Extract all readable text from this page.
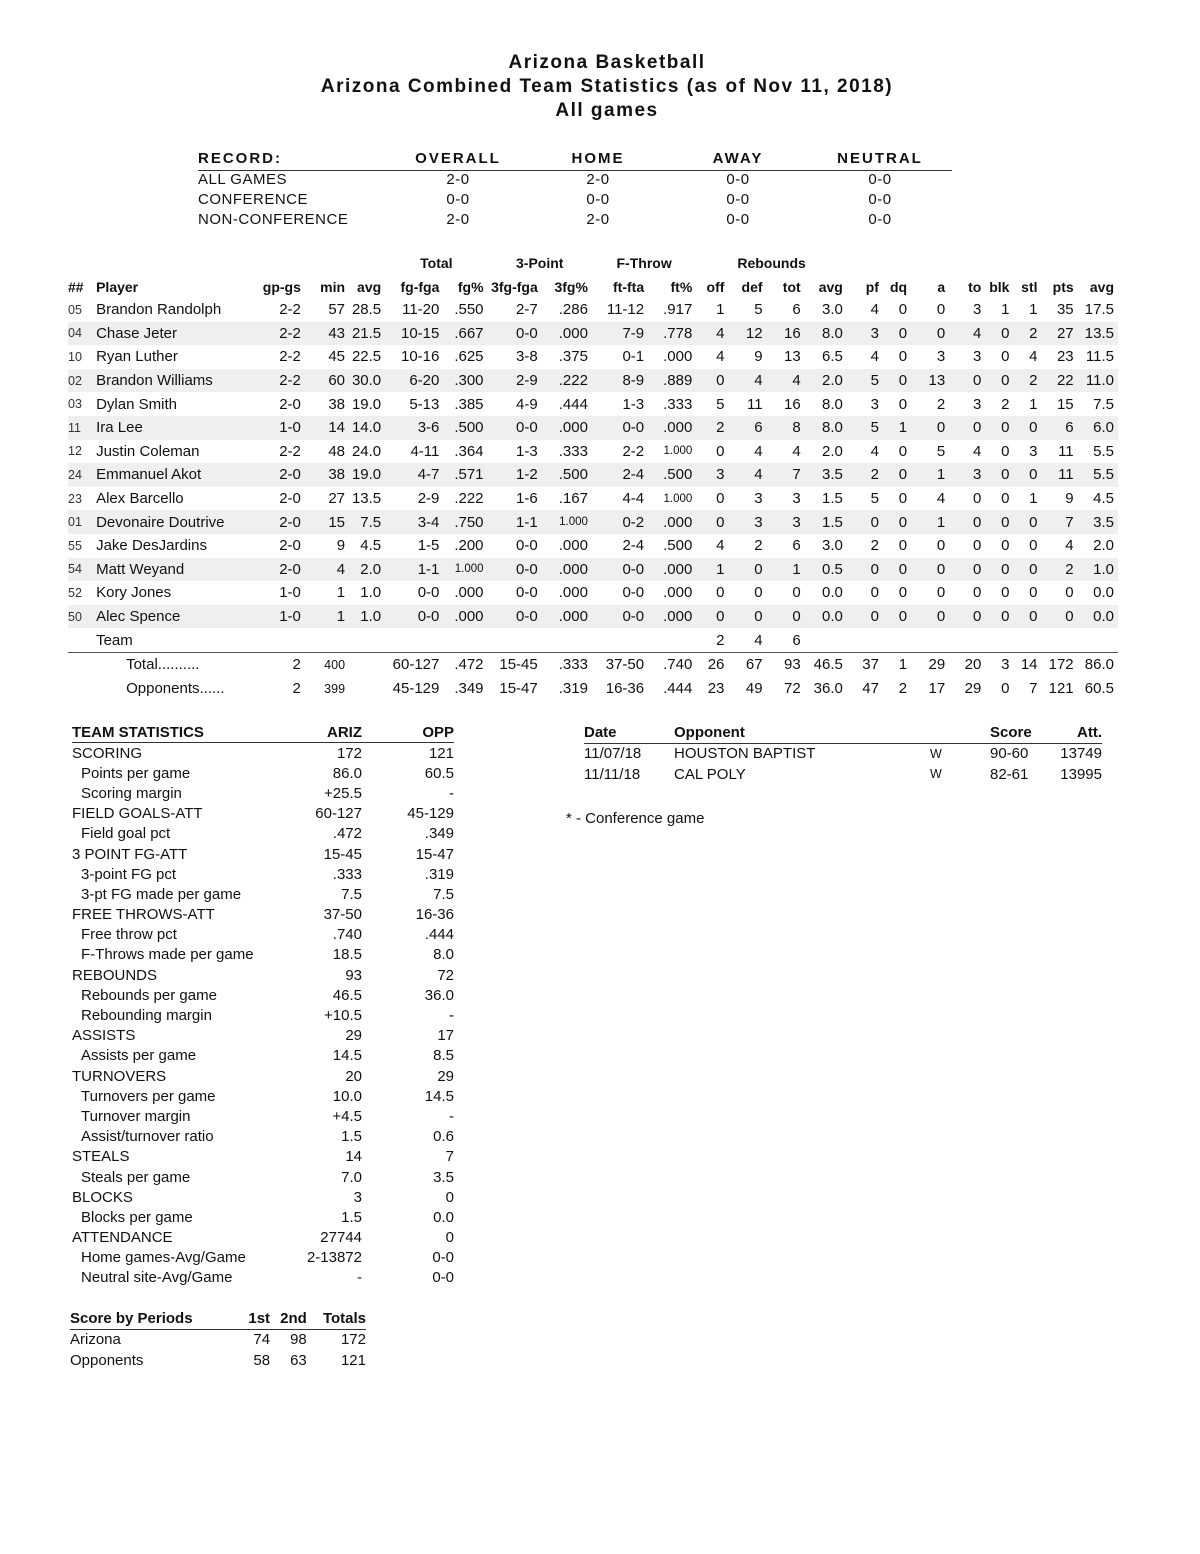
Arizona Basketball
Arizona Combined Team Statistics (as of Nov 11, 2018)
All games
RECORD:	OVERALL	HOME	AWAY	NEUTRAL
ALL GAMES	2-0	2-0	0-0	0-0
CONFERENCE	0-0	0-0	0-0	0-0
NON-CONFERENCE	2-0	2-0	0-0	0-0
					Total		3-Point		F-Throw		Rebounds											
##	Player	gp-gs	min	avg	fg-fga	fg%	3fg-fga	3fg%	ft-fta	ft%	off	def	tot	avg	pf	dq	a	to	blk	stl	pts	avg
05	Brandon Randolph	2-2	57	28.5	11-20	.550	2-7	.286	11-12	.917	1	5	6	3.0	4	0	0	3	1	1	35	17.5
04	Chase Jeter	2-2	43	21.5	10-15	.667	0-0	.000	7-9	.778	4	12	16	8.0	3	0	0	4	0	2	27	13.5
10	Ryan Luther	2-2	45	22.5	10-16	.625	3-8	.375	0-1	.000	4	9	13	6.5	4	0	3	3	0	4	23	11.5
02	Brandon Williams	2-2	60	30.0	6-20	.300	2-9	.222	8-9	.889	0	4	4	2.0	5	0	13	0	0	2	22	11.0
03	Dylan Smith	2-0	38	19.0	5-13	.385	4-9	.444	1-3	.333	5	11	16	8.0	3	0	2	3	2	1	15	7.5
11	Ira Lee	1-0	14	14.0	3-6	.500	0-0	.000	0-0	.000	2	6	8	8.0	5	1	0	0	0	0	6	6.0
12	Justin Coleman	2-2	48	24.0	4-11	.364	1-3	.333	2-2	1.000	0	4	4	2.0	4	0	5	4	0	3	11	5.5
24	Emmanuel Akot	2-0	38	19.0	4-7	.571	1-2	.500	2-4	.500	3	4	7	3.5	2	0	1	3	0	0	11	5.5
23	Alex Barcello	2-0	27	13.5	2-9	.222	1-6	.167	4-4	1.000	0	3	3	1.5	5	0	4	0	0	1	9	4.5
01	Devonaire Doutrive	2-0	15	7.5	3-4	.750	1-1	1.000	0-2	.000	0	3	3	1.5	0	0	1	0	0	0	7	3.5
55	Jake DesJardins	2-0	9	4.5	1-5	.200	0-0	.000	2-4	.500	4	2	6	3.0	2	0	0	0	0	0	4	2.0
54	Matt Weyand	2-0	4	2.0	1-1	1.000	0-0	.000	0-0	.000	1	0	1	0.5	0	0	0	0	0	0	2	1.0
52	Kory Jones	1-0	1	1.0	0-0	.000	0-0	.000	0-0	.000	0	0	0	0.0	0	0	0	0	0	0	0	0.0
50	Alec Spence	1-0	1	1.0	0-0	.000	0-0	.000	0-0	.000	0	0	0	0.0	0	0	0	0	0	0	0	0.0
	Team										2	4	6									
	Total..........	2	400		60-127	.472	15-45	.333	37-50	.740	26	67	93	46.5	37	1	29	20	3	14	172	86.0
	Opponents......	2	399		45-129	.349	15-47	.319	16-36	.444	23	49	72	36.0	47	2	17	29	0	7	121	60.5
TEAM STATISTICS	ARIZ	OPP
SCORING	172	121
Points per game	86.0	60.5
Scoring margin	+25.5	-
FIELD GOALS-ATT	60-127	45-129
Field goal pct	.472	.349
3 POINT FG-ATT	15-45	15-47
3-point FG pct	.333	.319
3-pt FG made per game	7.5	7.5
FREE THROWS-ATT	37-50	16-36
Free throw pct	.740	.444
F-Throws made per game	18.5	8.0
REBOUNDS	93	72
Rebounds per game	46.5	36.0
Rebounding margin	+10.5	-
ASSISTS	29	17
Assists per game	14.5	8.5
TURNOVERS	20	29
Turnovers per game	10.0	14.5
Turnover margin	+4.5	-
Assist/turnover ratio	1.5	0.6
STEALS	14	7
Steals per game	7.0	3.5
BLOCKS	3	0
Blocks per game	1.5	0.0
ATTENDANCE	27744	0
Home games-Avg/Game	2-13872	0-0
Neutral site-Avg/Game	-	0-0
Date	Opponent		Score	Att.
11/07/18	HOUSTON BAPTIST	W	90-60	13749
11/11/18	CAL POLY	W	82-61	13995
* - Conference game
Score by Periods	1st	2nd	Totals
Arizona	74	98	172
Opponents	58	63	121
